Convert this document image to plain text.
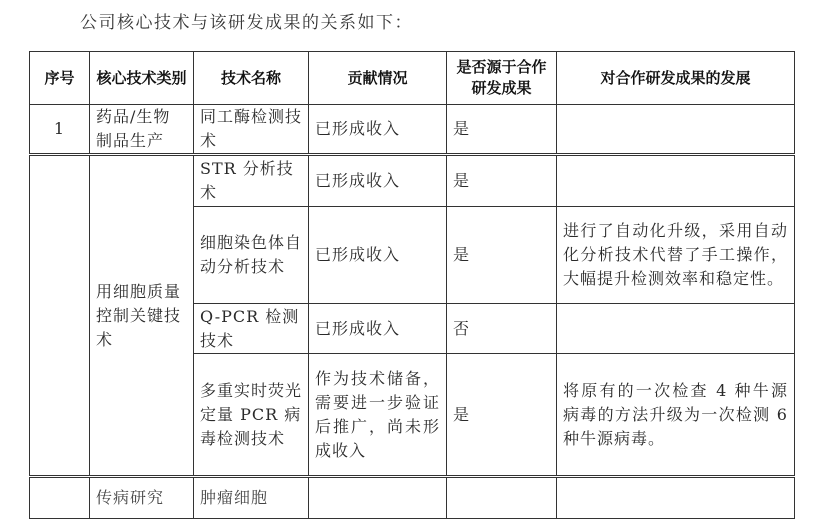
公司核心技术与该研发成果的关系如下：
序号	核心技术类别	技术名称	贡献情况	是否源于合作研发成果	对合作研发成果的发展
1	药品/生物制品生产	同工酶检测技术	已形成收入	是	
	用细胞质量控制关键技术	STR 分析技术	已形成收入	是	
		细胞染色体自动分析技术	已形成收入	是	进行了自动化升级，采用自动化分析技术代替了手工操作，大幅提升检测效率和稳定性。
		Q-PCR 检测技术	已形成收入	否	
		多重实时荧光定量 PCR 病毒检测技术	作为技术储备，需要进一步验证后推广，尚未形成收入	是	将原有的一次检查 4 种牛源病毒的方法升级为一次检测 6 种牛源病毒。
	传病研究	肿瘤细胞			
